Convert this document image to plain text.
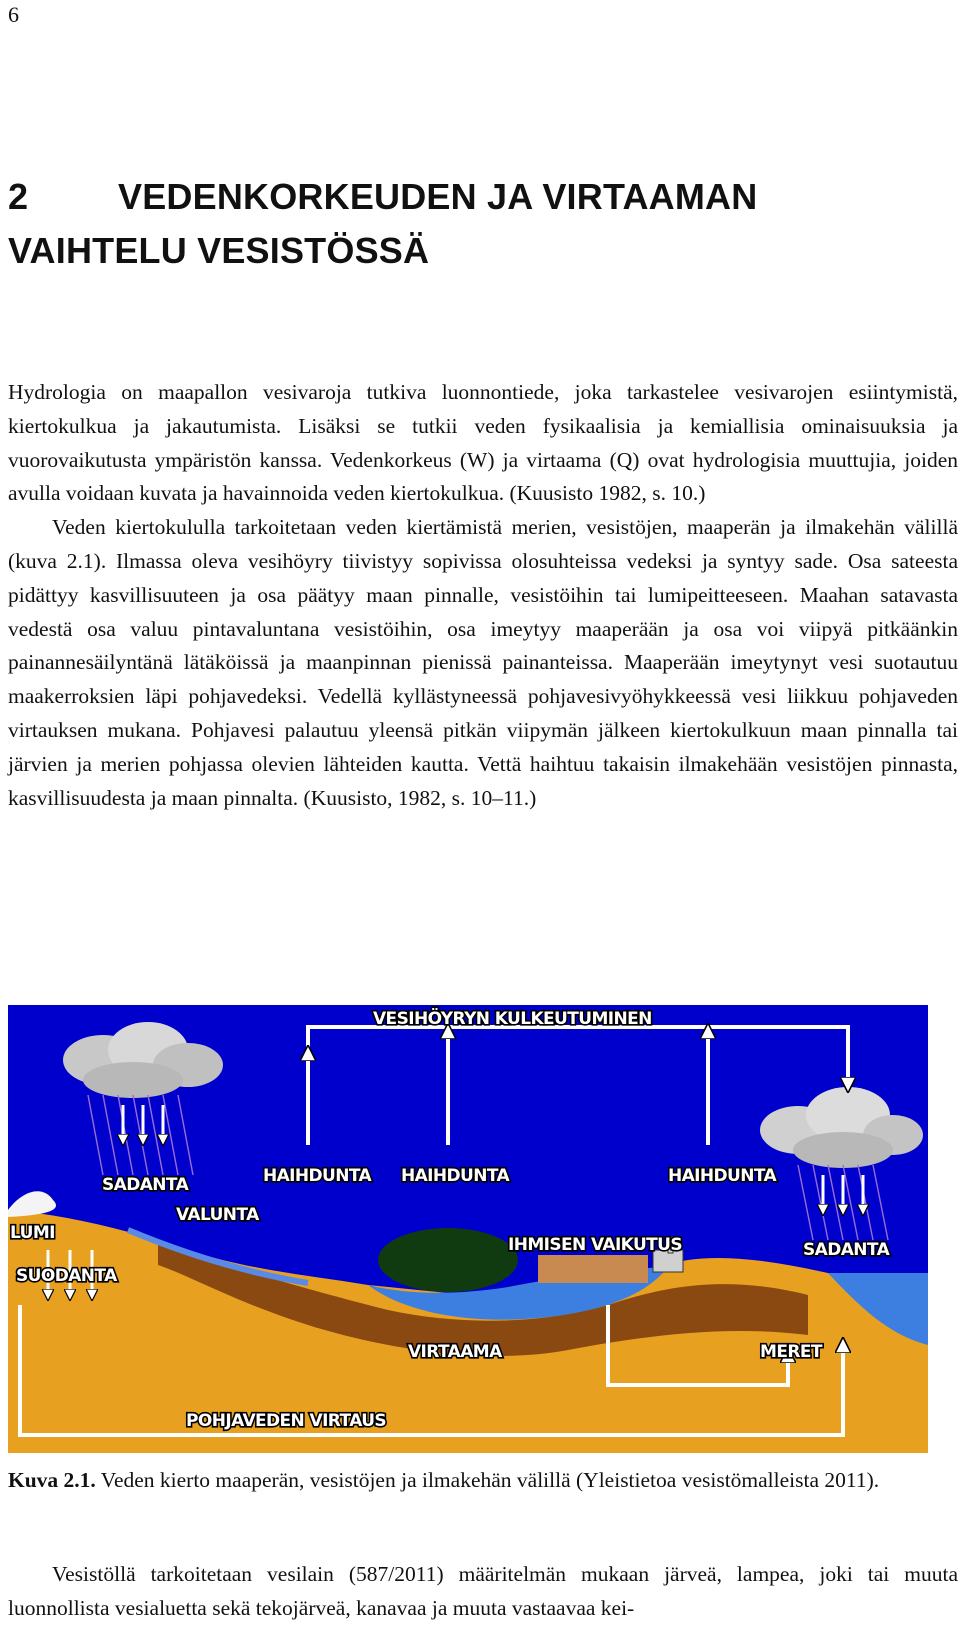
6
2 VEDENKORKEUDEN JA VIRTAAMAN
VAIHTELU VESISTÖSSÄ

Hydrologia on maapallon vesivaroja tutkiva luonnontiede, joka tarkastelee vesivarojen esiintymistä, kiertokulkua ja jakautumista. Lisäksi se tutkii veden fysikaalisia ja kemiallisia ominaisuuksia ja vuorovaikutusta ympäristön kanssa. Vedenkorkeus (W) ja virtaama (Q) ovat hydrologisia muuttujia, joiden avulla voidaan kuvata ja havainnoida veden kiertokulkua. (Kuusisto 1982, s. 10.)

Veden kiertokululla tarkoitetaan veden kiertämistä merien, vesistöjen, maaperän ja ilmakehän välillä (kuva 2.1). Ilmassa oleva vesihöyry tiivistyy sopivissa olosuhteissa vedeksi ja syntyy sade. Osa sateesta pidättyy kasvillisuuteen ja osa päätyy maan pinnalle, vesistöihin tai lumipeitteeseen. Maahan satavasta vedestä osa valuu pintavaluntana vesistöihin, osa imeytyy maaperään ja osa voi viipyä pitkäänkin painannesäilyntänä lätäköissä ja maanpinnan pienissä painanteissa. Maaperään imeytynyt vesi suotautuu maakerroksien läpi pohjavedeksi. Vedellä kyllästyneessä pohjavesivyöhykkeessä vesi liikkuu pohjaveden virtauksen mukana. Pohjavesi palautuu yleensä pitkän viipymän jälkeen kiertokulkuun maan pinnalla tai järvien ja merien pohjassa olevien lähteiden kautta. Vettä haihtuu takaisin ilmakehään vesistöjen pinnasta, kasvillisuudesta ja maan pinnalta. (Kuusisto, 1982, s. 10–11.)

VESIHÖYRYN KULKEUTUMINEN
SADANTA	HAIHDUNTA HAIHDUNTA	HAIHDUNTA
VALUNTA
LUMI
SUODANTA
IHMISEN VAIKUTUS	SADANTA
VIRTAAMA	MERET
POHJAVEDEN VIRTAUS
Kuva 2.1. Veden kierto maaperän, vesistöjen ja ilmakehän välillä (Yleistietoa vesistömalleista 2011).

Vesistöllä tarkoitetaan vesilain (587/2011) määritelmän mukaan järveä, lampea, joki tai muuta luonnollista vesialuetta sekä tekojärveä, kanavaa ja muuta vastaavaa kei-
